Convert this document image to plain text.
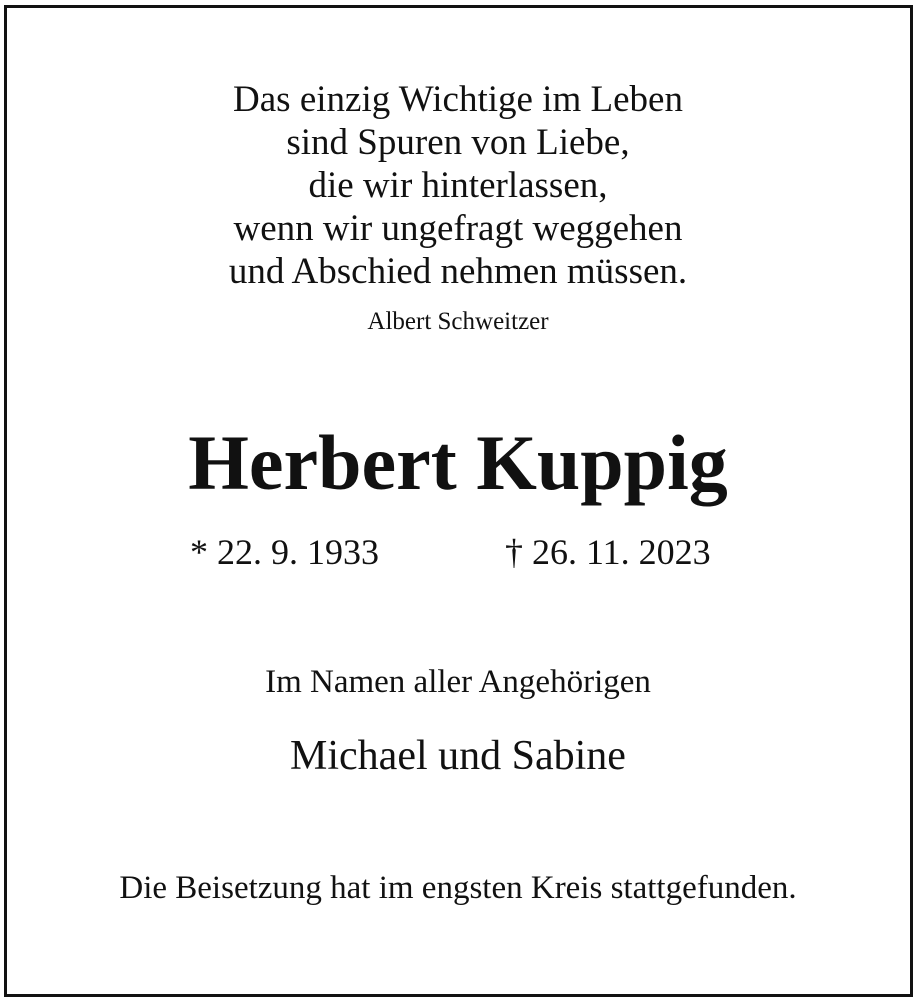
Das einzig Wichtige im Leben
sind Spuren von Liebe,
die wir hinterlassen,
wenn wir ungefragt weggehen
und Abschied nehmen müssen.
Albert Schweitzer
Herbert Kuppig
* 22. 9. 1933	† 26. 11. 2023
Im Namen aller Angehörigen
Michael und Sabine
Die Beisetzung hat im engsten Kreis stattgefunden.
